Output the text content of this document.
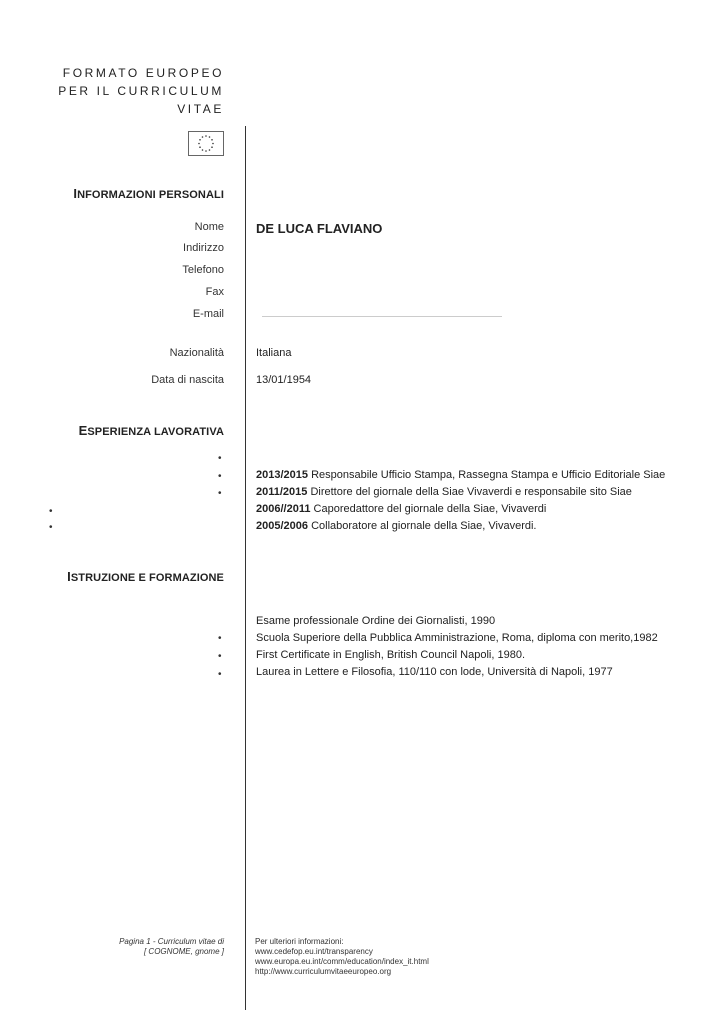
FORMATO EUROPEO
PER IL CURRICULUM
VITAE
INFORMAZIONI PERSONALI
Nome DE LUCA FLAVIANO
Indirizzo
Telefono
Fax
E-mail
Nazionalità	Italiana
Data di nascita	13/01/1954
ESPERIENZA LAVORATIVA
•
•
•
•
•
2013/2015 Responsabile Ufficio Stampa, Rassegna Stampa e Ufficio Editoriale Siae
2011/2015 Direttore del giornale della Siae Vivaverdi e responsabile sito Siae
2006//2011 Caporedattore del giornale della Siae, Vivaverdi
2005/2006 Collaboratore al giornale della Siae, Vivaverdi.
ISTRUZIONE E FORMAZIONE
•
•
•
Esame professionale Ordine dei Giornalisti, 1990
Scuola Superiore della Pubblica Amministrazione, Roma, diploma con merito,1982
First Certificate in English, British Council Napoli, 1980.
Laurea in Lettere e Filosofia, 110/110 con lode, Università di Napoli, 1977
Pagina 1 - Curriculum vitae di
[ COGNOME, gnome ]
Per ulteriori informazioni:
www.cedefop.eu.int/transparency
www.europa.eu.int/comm/education/index_it.html
http://www.curriculumvitaeeuropeo.org
